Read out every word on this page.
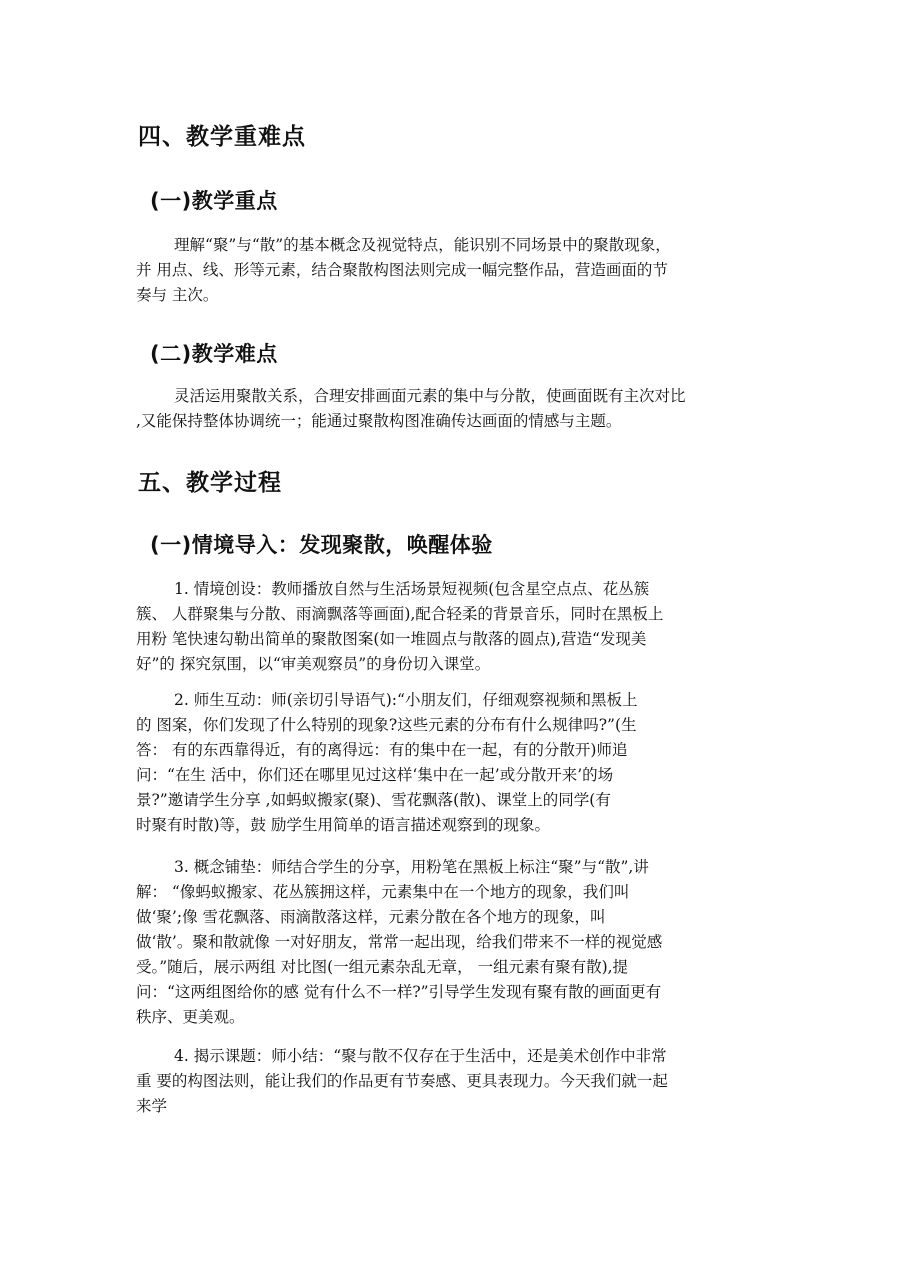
四、教学重难点
(一)教学重点

理解“聚”与“散”的基本概念及视觉特点，能识别不同场景中的聚散现象，
并 用点、线、形等元素，结合聚散构图法则完成一幅完整作品，营造画面的节
奏与 主次。

(二)教学难点

灵活运用聚散关系，合理安排画面元素的集中与分散，使画面既有主次对比
,又能保持整体协调统一；能通过聚散构图准确传达画面的情感与主题。

五、教学过程
(一)情境导入：发现聚散，唤醒体验

1. 情境创设：教师播放自然与生活场景短视频(包含星空点点、花丛簇
簇、 人群聚集与分散、雨滴飘落等画面),配合轻柔的背景音乐，同时在黑板上
用粉 笔快速勾勒出简单的聚散图案(如一堆圆点与散落的圆点),营造“发现美
好”的 探究氛围，以“审美观察员”的身份切入课堂。

2. 师生互动：师(亲切引导语气):“小朋友们，仔细观察视频和黑板上
的 图案，你们发现了什么特别的现象?这些元素的分布有什么规律吗?”(生
答： 有的东西靠得近，有的离得远：有的集中在一起，有的分散开)师追
问：“在生 活中，你们还在哪里见过这样‘集中在一起’或分散开来’的场
景?”邀请学生分享 ,如蚂蚁搬家(聚)、雪花飘落(散)、课堂上的同学(有
时聚有时散)等，鼓 励学生用简单的语言描述观察到的现象。

3. 概念铺垫：师结合学生的分享，用粉笔在黑板上标注“聚”与“散”,讲
解： “像蚂蚁搬家、花丛簇拥这样，元素集中在一个地方的现象，我们叫
做‘聚’;像 雪花飘落、雨滴散落这样，元素分散在各个地方的现象，叫
做‘散’。聚和散就像 一对好朋友，常常一起出现，给我们带来不一样的视觉感
受。”随后，展示两组 对比图(一组元素杂乱无章， 一组元素有聚有散),提
问：“这两组图给你的感 觉有什么不一样?”引导学生发现有聚有散的画面更有
秩序、更美观。

4. 揭示课题：师小结：“聚与散不仅存在于生活中，还是美术创作中非常
重 要的构图法则，能让我们的作品更有节奏感、更具表现力。今天我们就一起
来学
